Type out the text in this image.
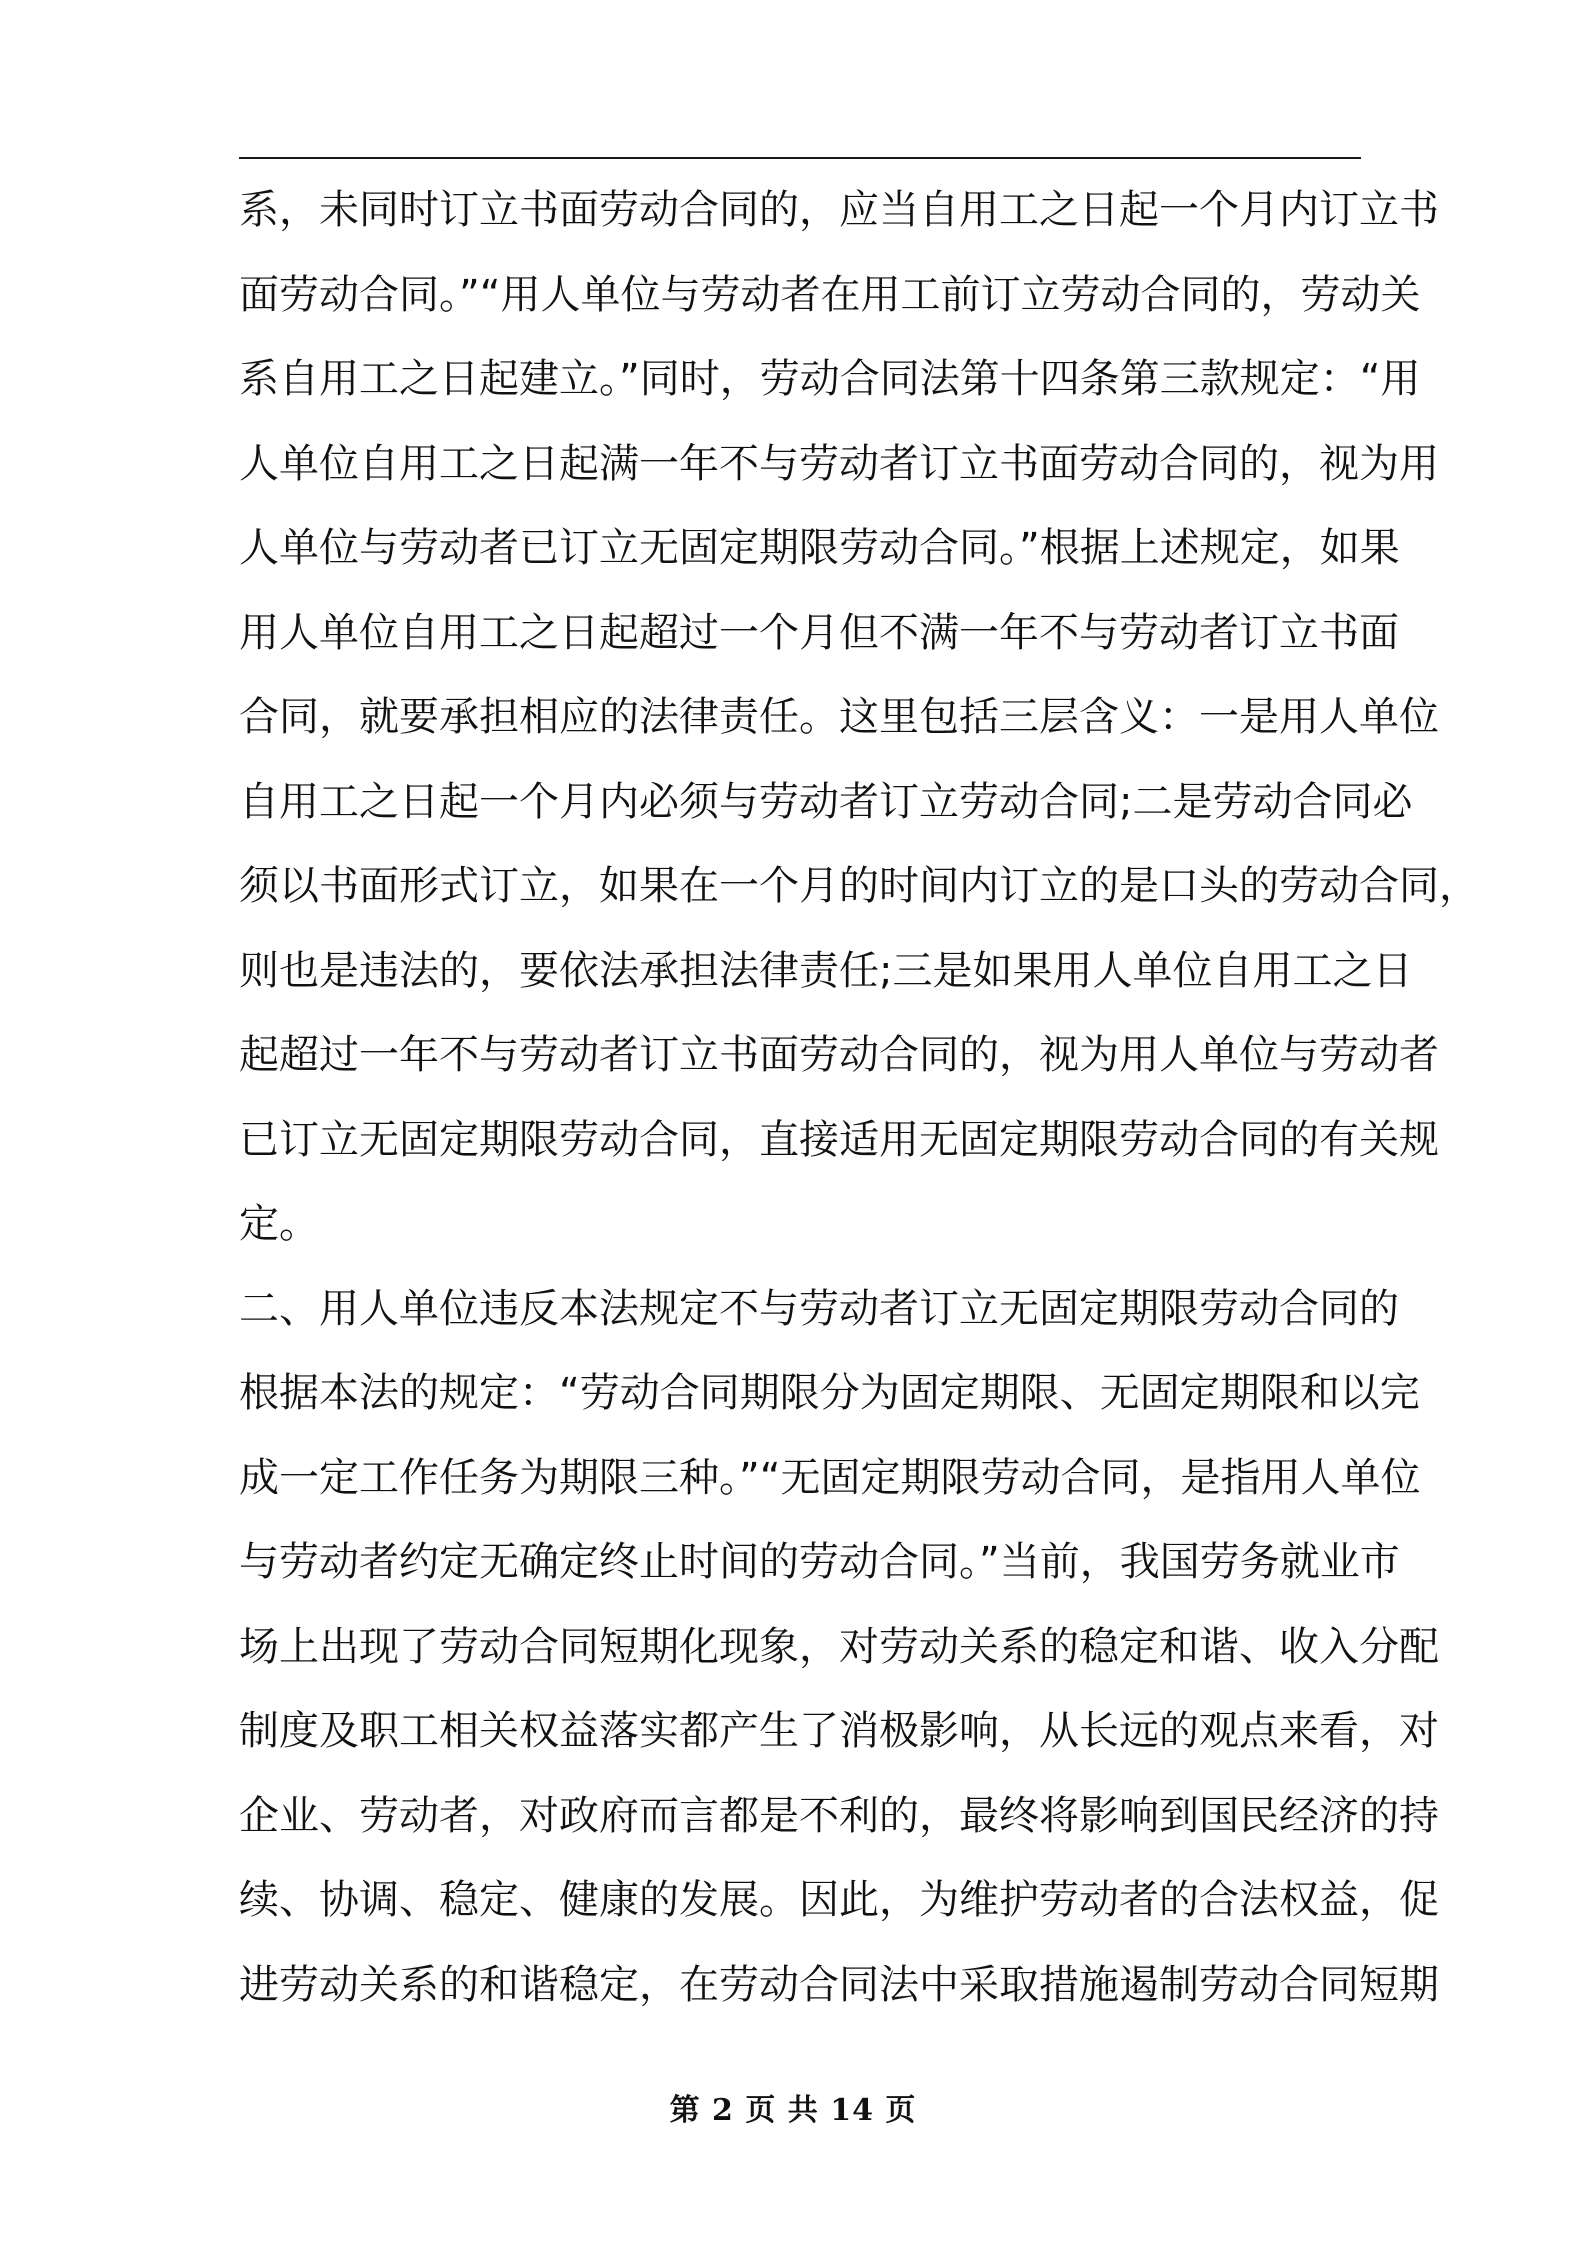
系，未同时订立书面劳动合同的，应当自用工之日起一个月内订立书
面劳动合同。”“用人单位与劳动者在用工前订立劳动合同的，劳动关
系自用工之日起建立。”同时，劳动合同法第十四条第三款规定：“用
人单位自用工之日起满一年不与劳动者订立书面劳动合同的，视为用
人单位与劳动者已订立无固定期限劳动合同。”根据上述规定，如果
用人单位自用工之日起超过一个月但不满一年不与劳动者订立书面
合同，就要承担相应的法律责任。这里包括三层含义：一是用人单位
自用工之日起一个月内必须与劳动者订立劳动合同;二是劳动合同必
须以书面形式订立，如果在一个月的时间内订立的是口头的劳动合同，
则也是违法的，要依法承担法律责任;三是如果用人单位自用工之日
起超过一年不与劳动者订立书面劳动合同的，视为用人单位与劳动者
已订立无固定期限劳动合同，直接适用无固定期限劳动合同的有关规
定。
二、用人单位违反本法规定不与劳动者订立无固定期限劳动合同的
根据本法的规定：“劳动合同期限分为固定期限、无固定期限和以完
成一定工作任务为期限三种。”“无固定期限劳动合同，是指用人单位
与劳动者约定无确定终止时间的劳动合同。”当前，我国劳务就业市
场上出现了劳动合同短期化现象，对劳动关系的稳定和谐、收入分配
制度及职工相关权益落实都产生了消极影响，从长远的观点来看，对
企业、劳动者，对政府而言都是不利的，最终将影响到国民经济的持
续、协调、稳定、健康的发展。因此，为维护劳动者的合法权益，促
进劳动关系的和谐稳定，在劳动合同法中采取措施遏制劳动合同短期
第 2 页 共 14 页
